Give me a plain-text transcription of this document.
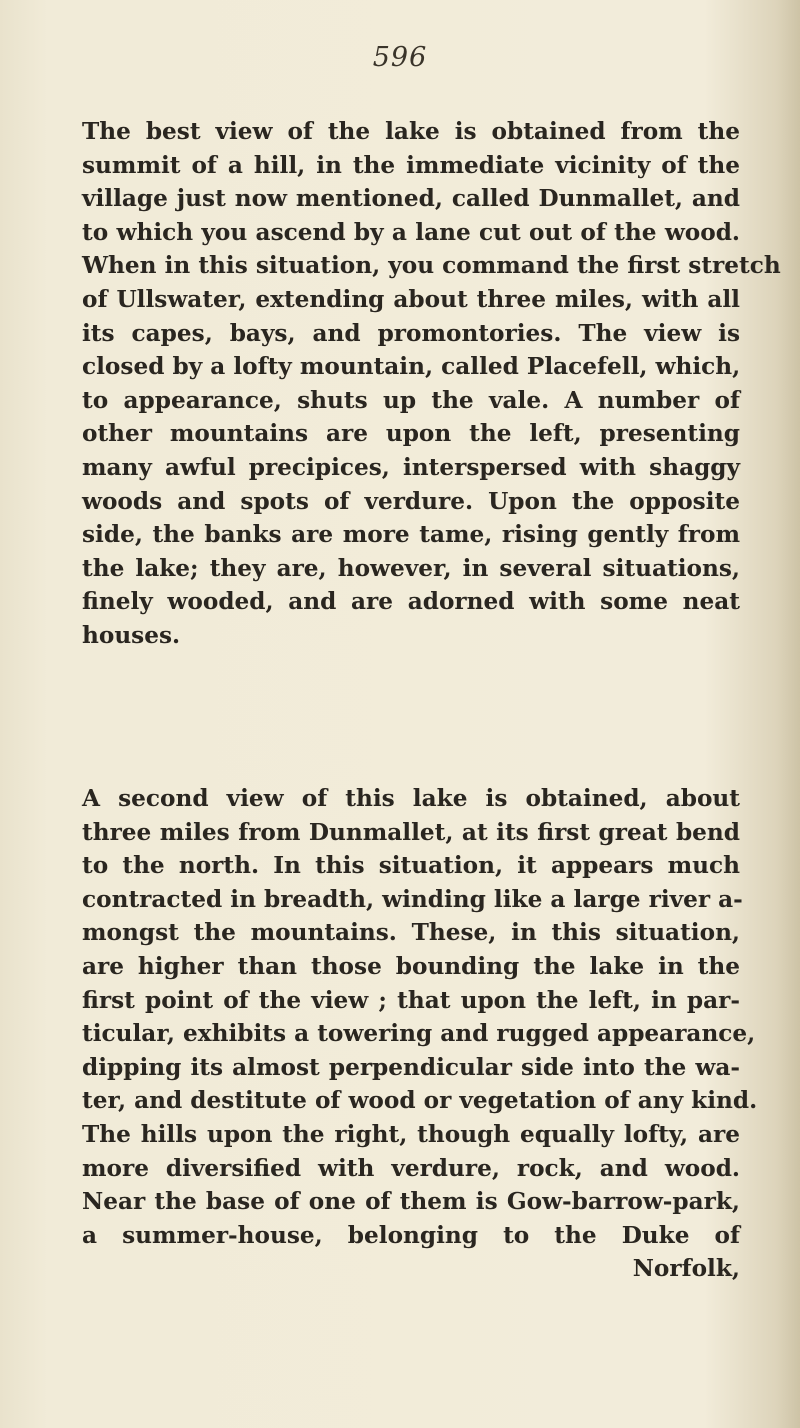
596
The best view of the lake is obtained from the
summit of a hill, in the immediate vicinity of the
village just now mentioned, called Dunmallet, and
to which you ascend by a lane cut out of the wood.
When in this situation, you command the first stretch
of Ullswater, extending about three miles, with all
its capes, bays, and promontories. The view is
closed by a lofty mountain, called Placefell, which,
to appearance, shuts up the vale. A number of
other mountains are upon the left, presenting
many awful precipices, interspersed with shaggy
woods and spots of verdure. Upon the opposite
side, the banks are more tame, rising gently from
the lake; they are, however, in several situations,
finely wooded, and are adorned with some neat
houses.
A second view of this lake is obtained, about
three miles from Dunmallet, at its first great bend
to the north. In this situation, it appears much
contracted in breadth, winding like a large river a-
mongst the mountains. These, in this situation,
are higher than those bounding the lake in the
first point of the view ; that upon the left, in par-
ticular, exhibits a towering and rugged appearance,
dipping its almost perpendicular side into the wa-
ter, and destitute of wood or vegetation of any kind.
The hills upon the right, though equally lofty, are
more diversified with verdure, rock, and wood.
Near the base of one of them is Gow-barrow-park,
a summer-house, belonging to the Duke of
Norfolk,
